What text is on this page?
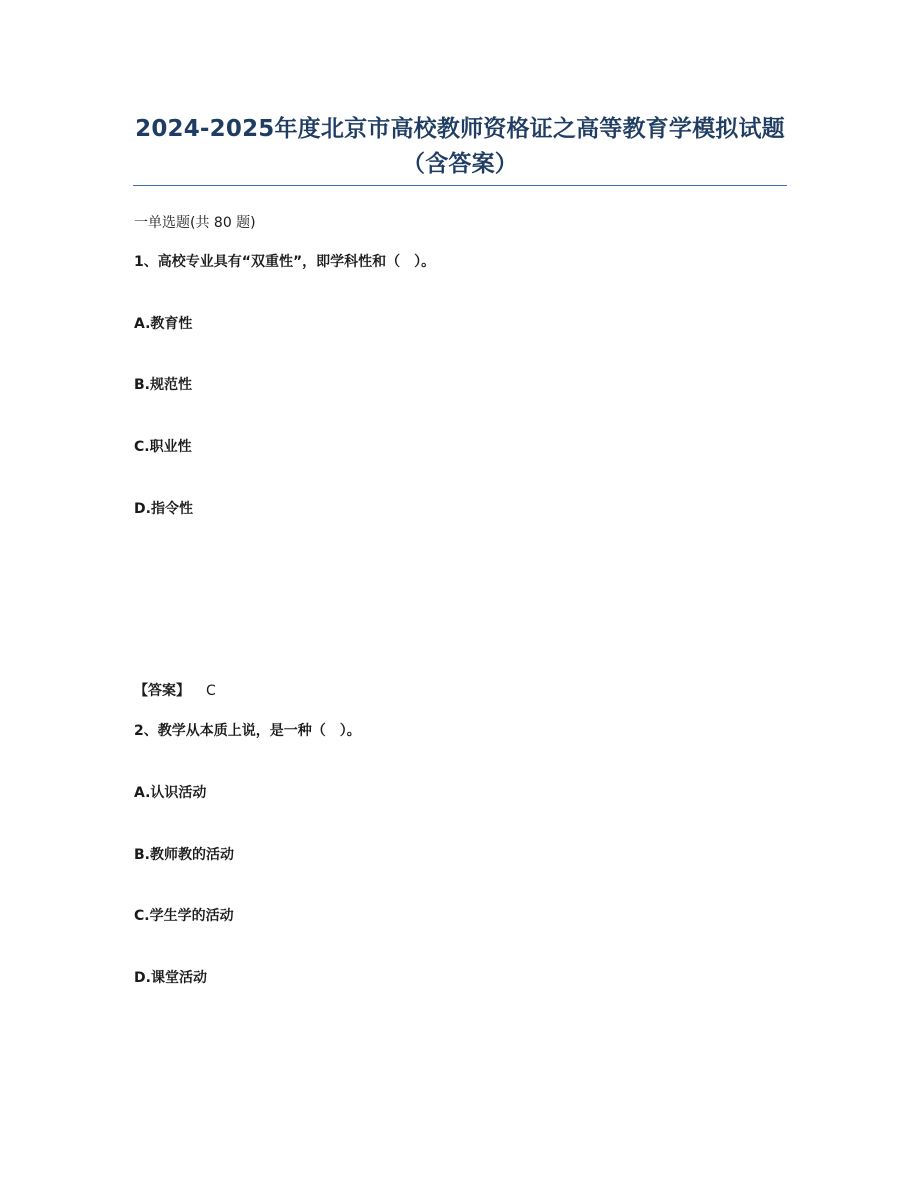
2024-2025年度北京市高校教师资格证之高等教育学模拟试题（含答案）
一单选题(共 80 题)
1、高校专业具有“双重性”，即学科性和（　）。
A.教育性
B.规范性
C.职业性
D.指令性
【答案】 C
2、教学从本质上说，是一种（　）。
A.认识活动
B.教师教的活动
C.学生学的活动
D.课堂活动
